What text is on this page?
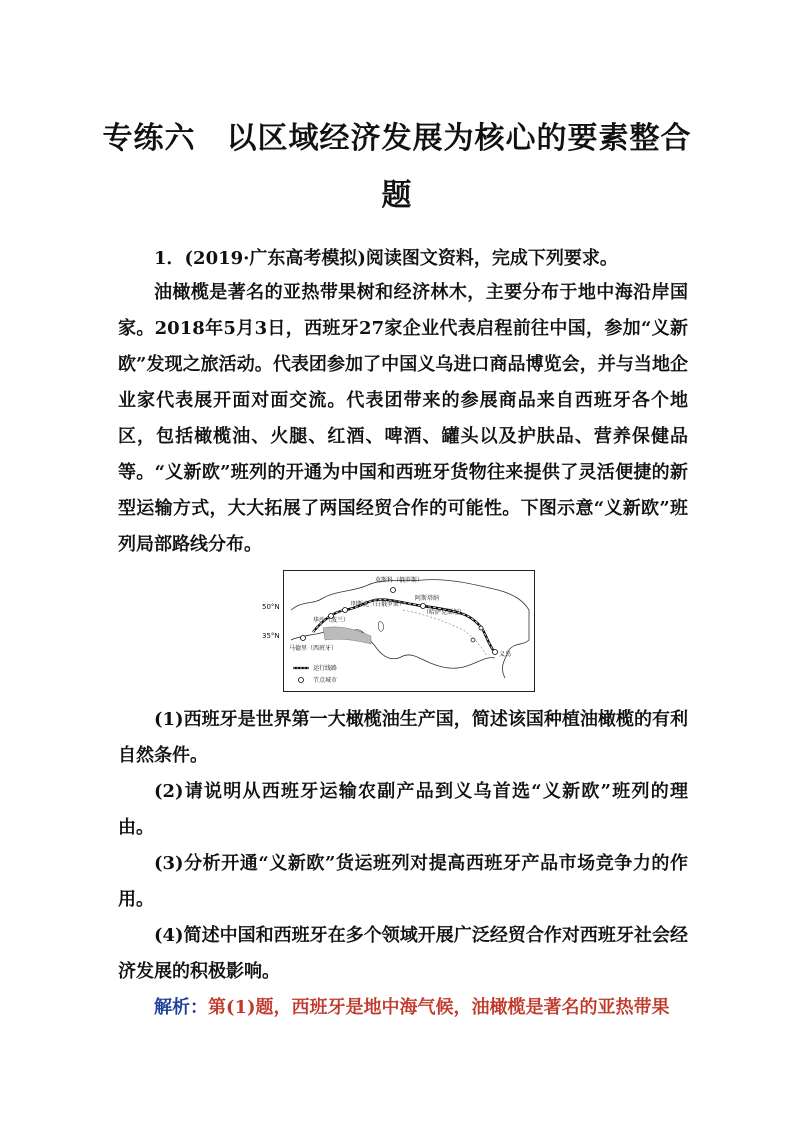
专练六　以区域经济发展为核心的要素整合
题
1．(2019·广东高考模拟)阅读图文资料，完成下列要求。
油橄榄是著名的亚热带果树和经济林木，主要分布于地中海沿岸国家。2018年5月3日，西班牙27家企业代表启程前往中国，参加“义新欧”发现之旅活动。代表团参加了中国义乌进口商品博览会，并与当地企业家代表展开面对面交流。代表团带来的参展商品来自西班牙各个地区，包括橄榄油、火腿、红酒、啤酒、罐头以及护肤品、营养保健品等。“义新欧”班列的开通为中国和西班牙货物往来提供了灵活便捷的新型运输方式，大大拓展了两国经贸合作的可能性。下图示意“义新欧”班列局部路线分布。
莫斯科（俄罗斯）
明斯克（白俄罗斯）
华沙（波兰）
阿斯塔纳
（哈萨克斯坦）
马德里（西班牙）
义乌
运行线路
节点城市
50°N
35°N
(1)西班牙是世界第一大橄榄油生产国，简述该国种植油橄榄的有利自然条件。
(2)请说明从西班牙运输农副产品到义乌首选“义新欧”班列的理由。
(3)分析开通“义新欧”货运班列对提高西班牙产品市场竞争力的作用。
(4)简述中国和西班牙在多个领域开展广泛经贸合作对西班牙社会经济发展的积极影响。
解析：第(1)题，西班牙是地中海气候，油橄榄是著名的亚热带果
